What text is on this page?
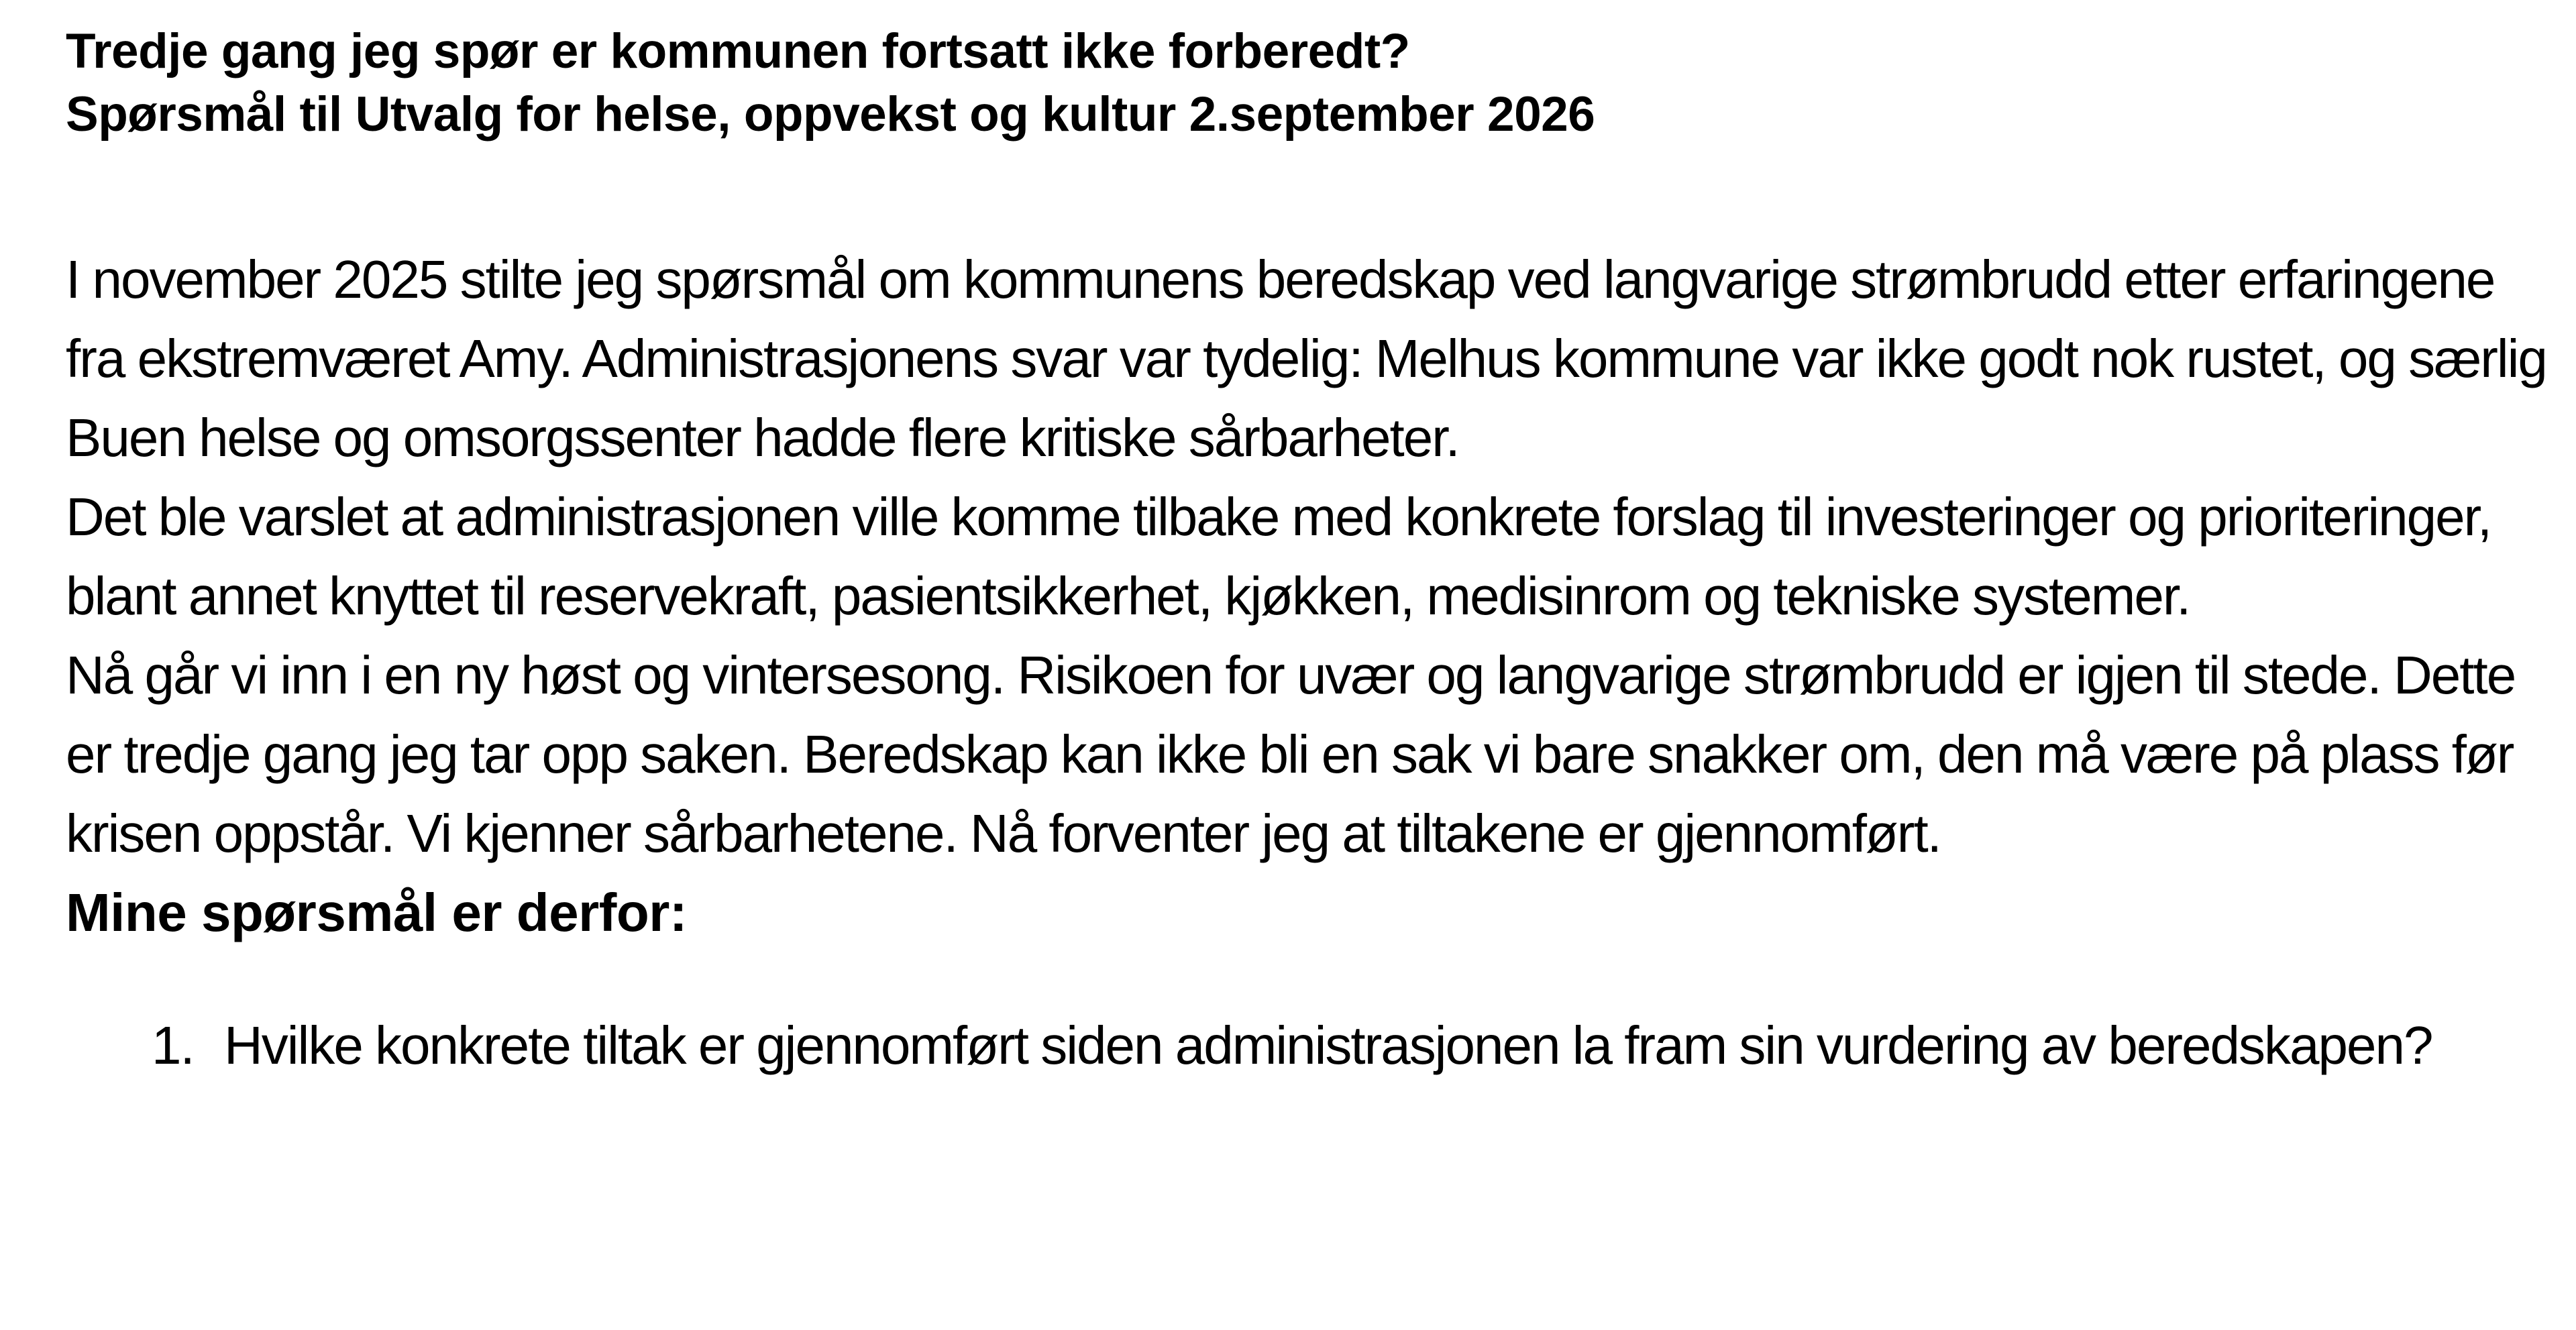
Tredje gang jeg spør er kommunen fortsatt ikke forberedt?

Spørsmål til Utvalg for helse, oppvekst og kultur 2.september 2026

I november 2025 stilte jeg spørsmål om kommunens beredskap ved langvarige strømbrudd etter erfaringene fra ekstremværet Amy. Administrasjonens svar var tydelig: Melhus kommune var ikke godt nok rustet, og særlig Buen helse og omsorgssenter hadde flere kritiske sårbarheter.

Det ble varslet at administrasjonen ville komme tilbake med konkrete forslag til investeringer og prioriteringer, blant annet knyttet til reservekraft, pasientsikkerhet, kjøkken, medisinrom og tekniske systemer.

Nå går vi inn i en ny høst og vintersesong. Risikoen for uvær og langvarige strømbrudd er igjen til stede. Dette er tredje gang jeg tar opp saken. Beredskap kan ikke bli en sak vi bare snakker om, den må være på plass før krisen oppstår. Vi kjenner sårbarhetene. Nå forventer jeg at tiltakene er gjennomført.

Mine spørsmål er derfor:

1. Hvilke konkrete tiltak er gjennomført siden administrasjonen la fram sin vurdering av beredskapen?
